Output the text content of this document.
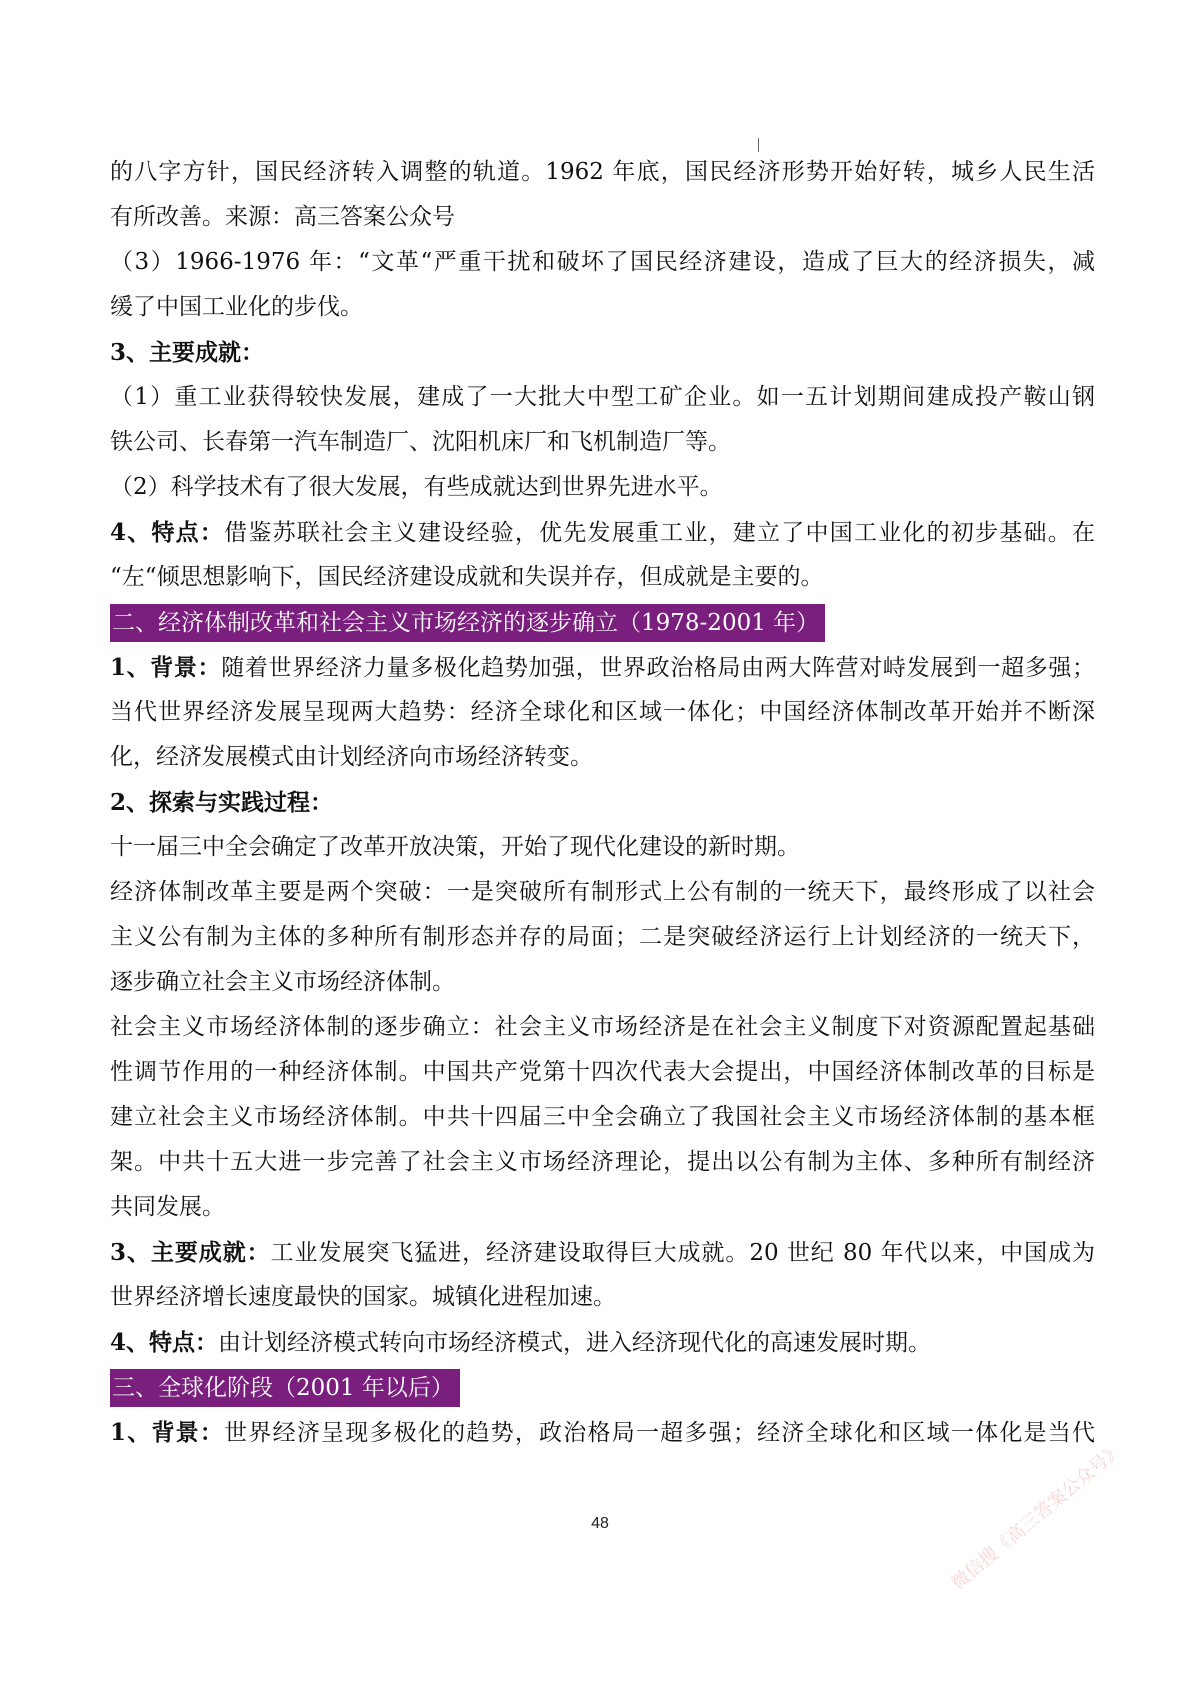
的八字方针，国民经济转入调整的轨道。1962 年底，国民经济形势开始好转，城乡人民生活
有所改善。来源：高三答案公众号
（3）1966-1976 年：“文革“严重干扰和破坏了国民经济建设，造成了巨大的经济损失，减
缓了中国工业化的步伐。
3、主要成就：
（1）重工业获得较快发展，建成了一大批大中型工矿企业。如一五计划期间建成投产鞍山钢
铁公司、长春第一汽车制造厂、沈阳机床厂和飞机制造厂等。
（2）科学技术有了很大发展，有些成就达到世界先进水平。
4、特点：借鉴苏联社会主义建设经验，优先发展重工业，建立了中国工业化的初步基础。在
“左“倾思想影响下，国民经济建设成就和失误并存，但成就是主要的。
二、经济体制改革和社会主义市场经济的逐步确立（1978-2001 年）
1、背景：随着世界经济力量多极化趋势加强，世界政治格局由两大阵营对峙发展到一超多强；
当代世界经济发展呈现两大趋势：经济全球化和区域一体化；中国经济体制改革开始并不断深
化，经济发展模式由计划经济向市场经济转变。
2、探索与实践过程：
十一届三中全会确定了改革开放决策，开始了现代化建设的新时期。
经济体制改革主要是两个突破：一是突破所有制形式上公有制的一统天下，最终形成了以社会
主义公有制为主体的多种所有制形态并存的局面；二是突破经济运行上计划经济的一统天下，
逐步确立社会主义市场经济体制。
社会主义市场经济体制的逐步确立：社会主义市场经济是在社会主义制度下对资源配置起基础
性调节作用的一种经济体制。中国共产党第十四次代表大会提出，中国经济体制改革的目标是
建立社会主义市场经济体制。中共十四届三中全会确立了我国社会主义市场经济体制的基本框
架。中共十五大进一步完善了社会主义市场经济理论，提出以公有制为主体、多种所有制经济
共同发展。
3、主要成就：工业发展突飞猛进，经济建设取得巨大成就。20 世纪 80 年代以来，中国成为
世界经济增长速度最快的国家。城镇化进程加速。
4、特点：由计划经济模式转向市场经济模式，进入经济现代化的高速发展时期。
三、全球化阶段（2001 年以后）
1、背景：世界经济呈现多极化的趋势，政治格局一超多强；经济全球化和区域一体化是当代
48	微信搜《高三答案公众号》
